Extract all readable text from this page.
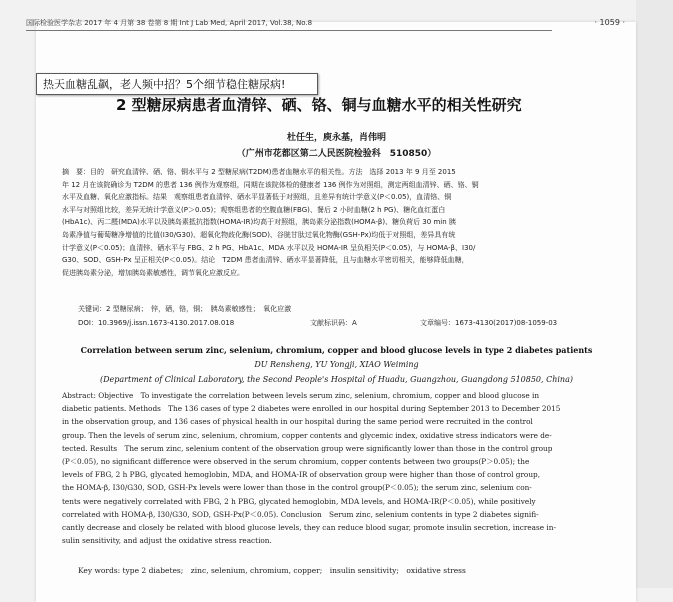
国际检验医学杂志 2017 年 4 月第 38 卷第 8 期 Int J Lab Med, April 2017, Vol.38, No.8	· 1059 ·
2 型糖尿病患者血清锌、硒、铬、铜与血糖水平的相关性研究
杜任生，庾永基，肖伟明
（广州市花都区第二人民医院检验科　510850）
摘　要：目的　研究血清锌、硒、铬、铜水平与 2 型糖尿病(T2DM)患者血糖水平的相关性。方法　选择 2013 年 9 月至 2015
年 12 月在该院确诊为 T2DM 的患者 136 例作为观察组，同期在该院体检的健康者 136 例作为对照组，测定两组血清锌、硒、铬、铜
水平及血糖、氧化应激指标。结果　观察组患者血清锌、硒水平显著低于对照组，且差异有统计学意义(P＜0.05)，血清铬、铜
水平与对照组比较，差异无统计学意义(P＞0.05)；观察组患者的空腹血糖(FBG)、餐后 2 小时血糖(2 h PG)、糖化血红蛋白
(HbA1c)、丙二醛(MDA)水平以及胰岛素抵抗指数(HOMA-IR)均高于对照组，胰岛素分泌指数(HOMA-β)、糖负荷后 30 min 胰
岛素净值与葡萄糖净增值的比值(I30/G30)、超氧化物歧化酶(SOD)、谷胱甘肽过氧化物酶(GSH-Px)均低于对照组，差异具有统
计学意义(P＜0.05)；血清锌、硒水平与 FBG、2 h PG、HbA1c、MDA 水平以及 HOMA-IR 呈负相关(P＜0.05)，与 HOMA-β、I30/
G30、SOD、GSH-Px 呈正相关(P＜0.05)。结论　T2DM 患者血清锌、硒水平显著降低，且与血糖水平密切相关，能够降低血糖，
促进胰岛素分泌，增加胰岛素敏感性，调节氧化应激反应。
关键词：2 型糖尿病；　锌，硒，铬，铜；　胰岛素敏感性；　氧化应激
DOI：10.3969/j.issn.1673-4130.2017.08.018	文献标识码：A	文章编号：1673-4130(2017)08-1059-03
Correlation between serum zinc, selenium, chromium, copper and blood glucose levels in type 2 diabetes patients
DU Rensheng, YU Yongji, XIAO Weiming
(Department of Clinical Laboratory, the Second People's Hospital of Huadu, Guangzhou, Guangdong 510850, China)
Abstract: Objective　To investigate the correlation between levels serum zinc, selenium, chromium, copper and blood glucose in
diabetic patients. Methods　The 136 cases of type 2 diabetes were enrolled in our hospital during September 2013 to December 2015
in the observation group, and 136 cases of physical health in our hospital during the same period were recruited in the control
group. Then the levels of serum zinc, selenium, chromium, copper contents and glycemic index, oxidative stress indicators were de-
tected. Results　The serum zinc, selenium content of the observation group were significantly lower than those in the control group
(P＜0.05), no significant difference were observed in the serum chromium, copper contents between two groups(P＞0.05); the
levels of FBG, 2 h PBG, glycated hemoglobin, MDA, and HOMA-IR of observation group were higher than those of control group,
the HOMA-β, I30/G30, SOD, GSH-Px levels were lower than those in the control group(P＜0.05); the serum zinc, selenium con-
tents were negatively correlated with FBG, 2 h PBG, glycated hemoglobin, MDA levels, and HOMA-IR(P＜0.05), while positively
correlated with HOMA-β, I30/G30, SOD, GSH-Px(P＜0.05). Conclusion　Serum zinc, selenium contents in type 2 diabetes signifi-
cantly decrease and closely be related with blood glucose levels, they can reduce blood sugar, promote insulin secretion, increase in-
sulin sensitivity, and adjust the oxidative stress reaction.
Key words: type 2 diabetes;　zinc, selenium, chromium, copper;　insulin sensitivity;　oxidative stress
热天血糖乱飙，老人频中招？5个细节稳住糖尿病!
